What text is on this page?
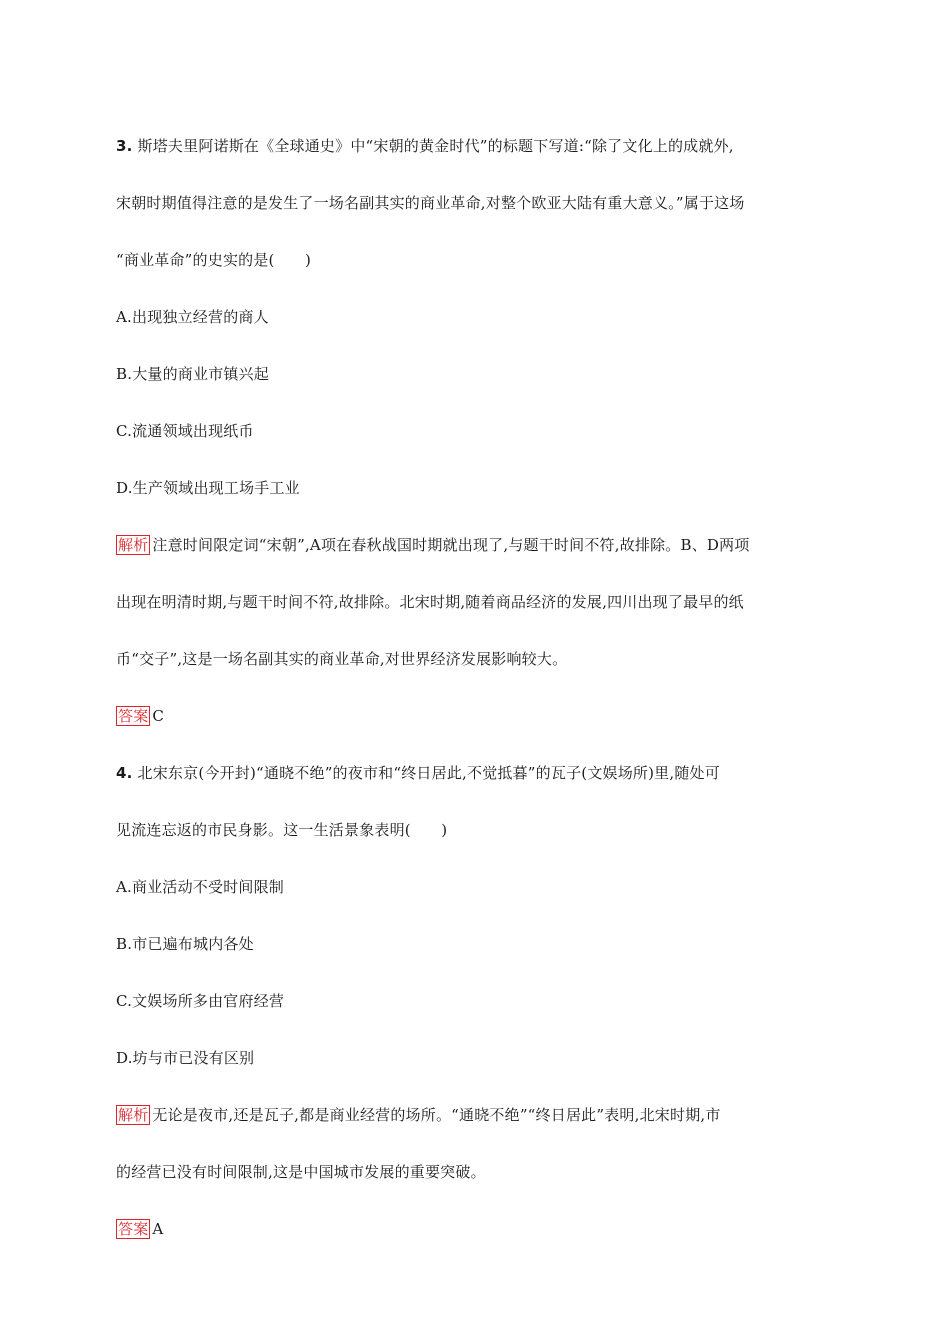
3. 斯塔夫里阿诺斯在《全球通史》中“宋朝的黄金时代”的标题下写道:“除了文化上的成就外,
宋朝时期值得注意的是发生了一场名副其实的商业革命,对整个欧亚大陆有重大意义。”属于这场
“商业革命”的史实的是(　　)
A.出现独立经营的商人
B.大量的商业市镇兴起
C.流通领域出现纸币
D.生产领域出现工场手工业
解析 注意时间限定词“宋朝”,A项在春秋战国时期就出现了,与题干时间不符,故排除。B、D两项
出现在明清时期,与题干时间不符,故排除。北宋时期,随着商品经济的发展,四川出现了最早的纸
币“交子”,这是一场名副其实的商业革命,对世界经济发展影响较大。
答案 C
4. 北宋东京(今开封)“通晓不绝”的夜市和“终日居此,不觉抵暮”的瓦子(文娱场所)里,随处可
见流连忘返的市民身影。这一生活景象表明(　　)
A.商业活动不受时间限制
B.市已遍布城内各处
C.文娱场所多由官府经营
D.坊与市已没有区别
解析 无论是夜市,还是瓦子,都是商业经营的场所。“通晓不绝”“终日居此”表明,北宋时期,市
的经营已没有时间限制,这是中国城市发展的重要突破。
答案 A
